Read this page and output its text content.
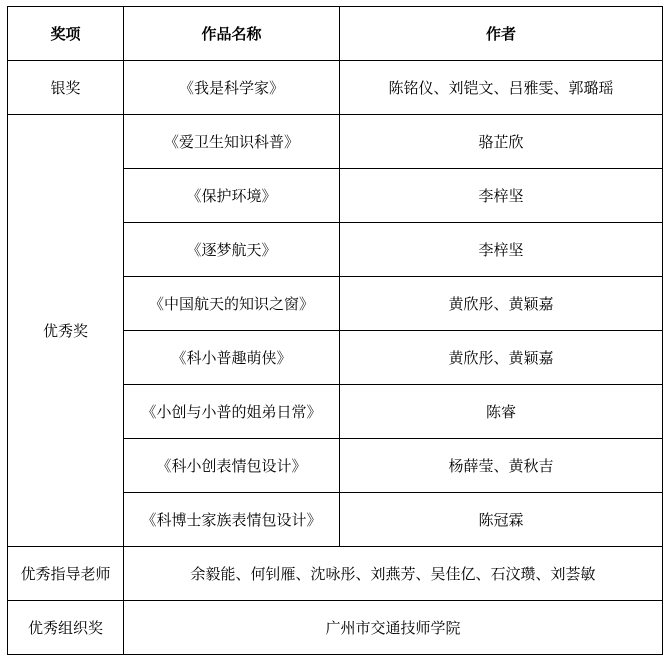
奖项	作品名称	作者
银奖	《我是科学家》	陈铭仪、刘铠文、吕雅雯、郭璐瑶
优秀奖	《爱卫生知识科普》	骆芷欣
	《保护环境》	李梓坚
	《逐梦航天》	李梓坚
	《中国航天的知识之窗》	黄欣彤、黄颖嘉
	《科小普趣萌侠》	黄欣彤、黄颖嘉
	《小创与小普的姐弟日常》	陈睿
	《科小创表情包设计》	杨薛莹、黄秋吉
	《科博士家族表情包设计》	陈冠霖
优秀指导老师	余毅能、何钊雁、沈咏彤、刘燕芳、吴佳亿、石汶瓒、刘荟敏	
优秀组织奖	广州市交通技师学院	
